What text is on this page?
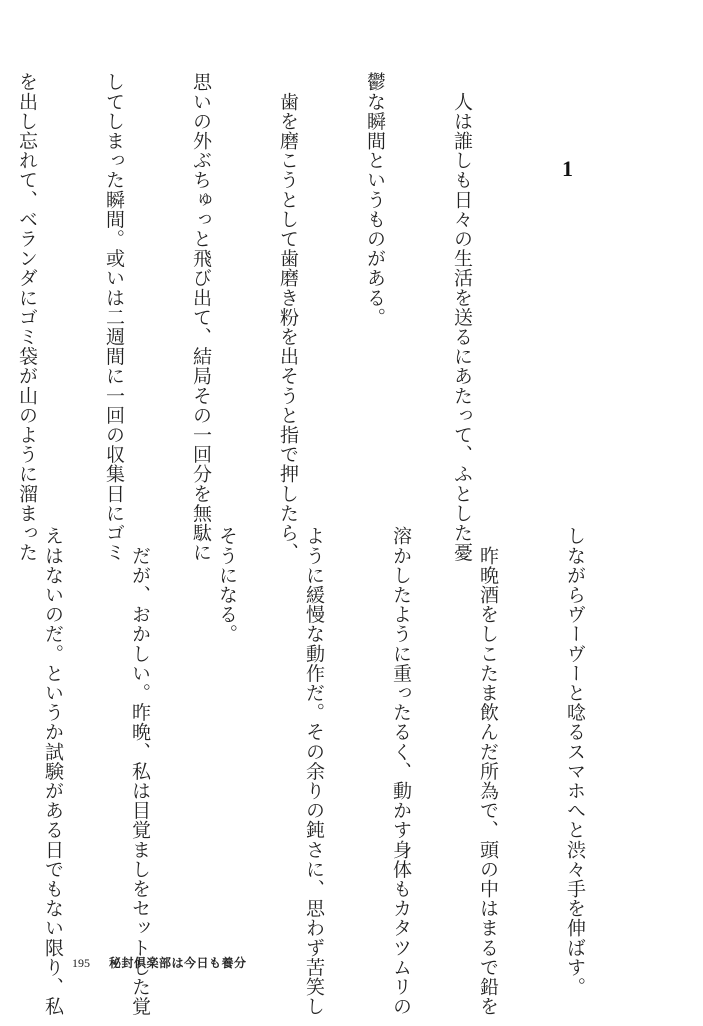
1

　人は誰しも日々の生活を送るにあたって、ふとした憂

鬱な瞬間というものがある。

　歯を磨こうとして歯磨き粉を出そうと指で押したら、

思いの外ぶちゅっと飛び出て、結局その一回分を無駄に

してしまった瞬間。或いは二週間に一回の収集日にゴミ

を出し忘れて、ベランダにゴミ袋が山のように溜まった

しながらヴーヴーと唸るスマホへと渋々手を伸ばす。

　昨晩酒をしこたま飲んだ所為で、頭の中はまるで鉛を

溶かしたように重ったるく、動かす身体もカタツムリの

ように緩慢な動作だ。その余りの鈍さに、思わず苦笑し

そうになる。

　だが、おかしい。昨晩、私は目覚ましをセットした覚

えはないのだ。というか試験がある日でもない限り、私

195 秘封倶楽部は今日も養分
